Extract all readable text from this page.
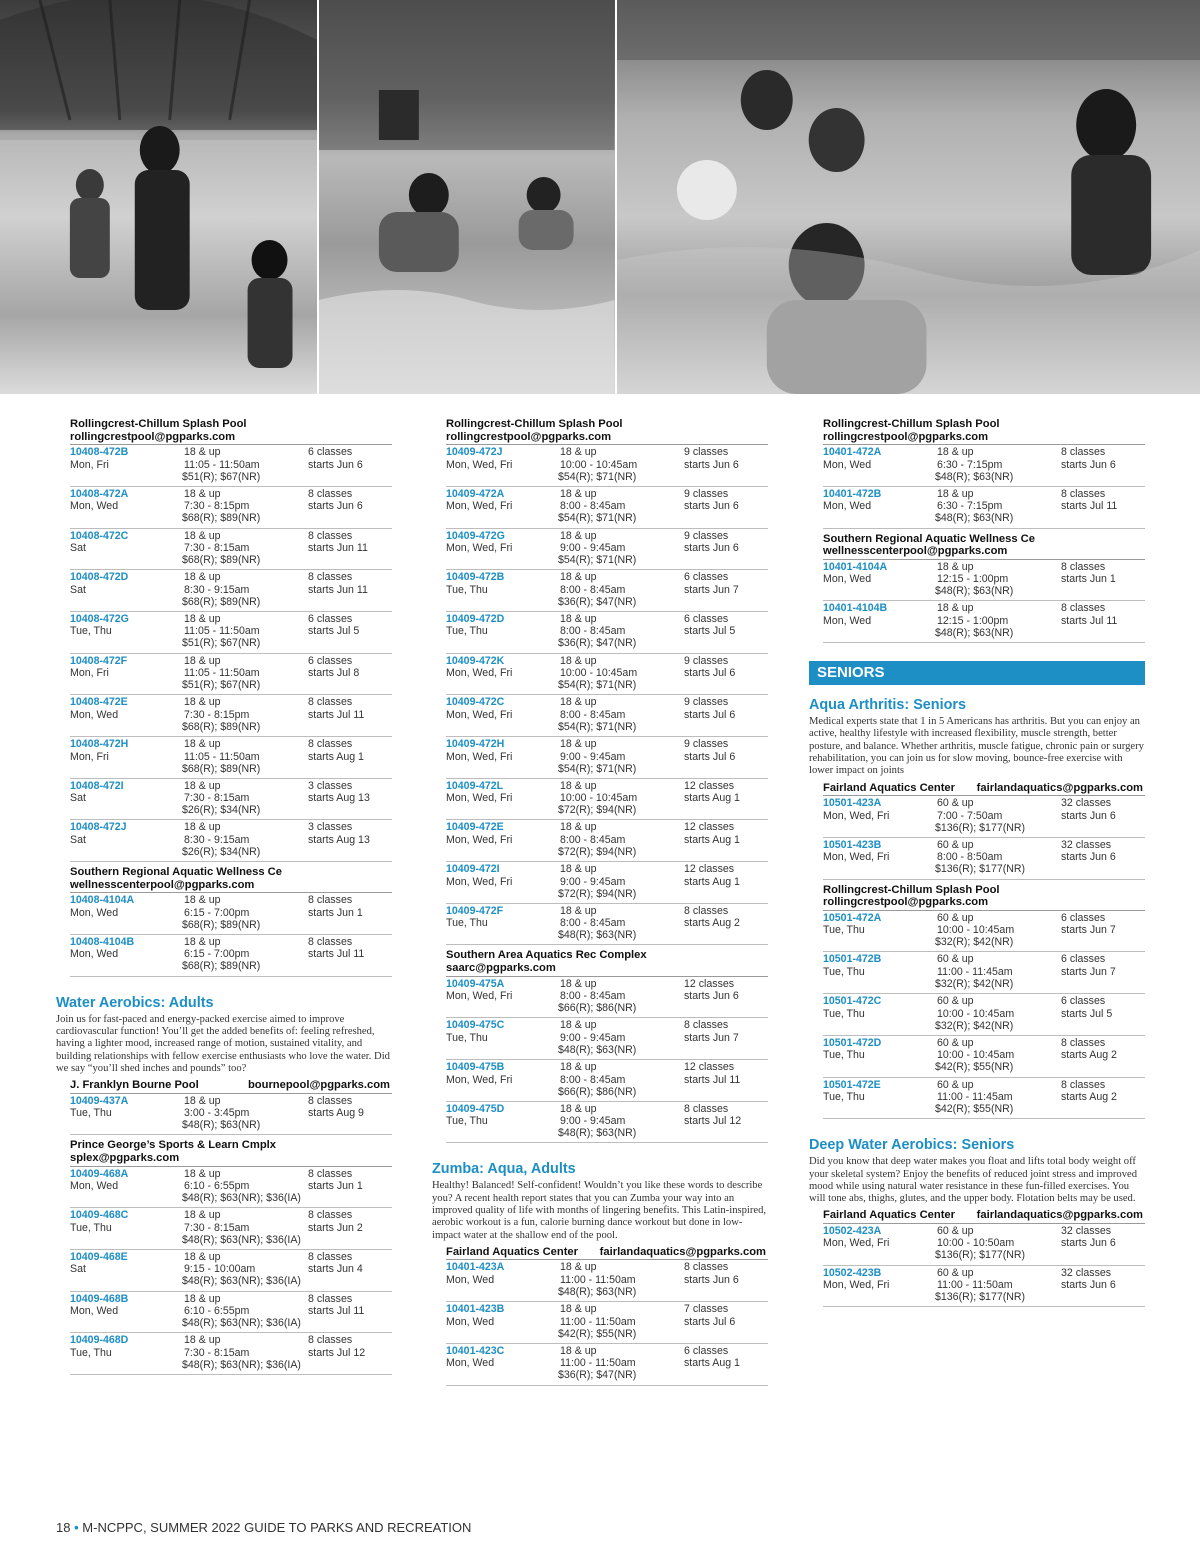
Rollingcrest-Chillum Splash Pool
rollingcrestpool@pgparks.com
10408-472B
Mon, Fri
18 & up
11:05 - 11:50am
$51(R); $67(NR)
6 classes
starts Jun 6
10408-472A
Mon, Wed
18 & up
7:30 - 8:15pm
$68(R); $89(NR)
8 classes
starts Jun 6
10408-472C
Sat
18 & up
7:30 - 8:15am
$68(R); $89(NR)
8 classes
starts Jun 11
10408-472D
Sat
18 & up
8:30 - 9:15am
$68(R); $89(NR)
8 classes
starts Jun 11
10408-472G
Tue, Thu
18 & up
11:05 - 11:50am
$51(R); $67(NR)
6 classes
starts Jul 5
10408-472F
Mon, Fri
18 & up
11:05 - 11:50am
$51(R); $67(NR)
6 classes
starts Jul 8
10408-472E
Mon, Wed
18 & up
7:30 - 8:15pm
$68(R); $89(NR)
8 classes
starts Jul 11
10408-472H
Mon, Fri
18 & up
11:05 - 11:50am
$68(R); $89(NR)
8 classes
starts Aug 1
10408-472I
Sat
18 & up
7:30 - 8:15am
$26(R); $34(NR)
3 classes
starts Aug 13
10408-472J
Sat
18 & up
8:30 - 9:15am
$26(R); $34(NR)
3 classes
starts Aug 13
Southern Regional Aquatic Wellness Ce
wellnesscenterpool@pgparks.com
10408-4104A
Mon, Wed
18 & up
6:15 - 7:00pm
$68(R); $89(NR)
8 classes
starts Jun 1
10408-4104B
Mon, Wed
18 & up
6:15 - 7:00pm
$68(R); $89(NR)
8 classes
starts Jul 11
Water Aerobics: Adults
Join us for fast-paced and energy-packed exercise aimed to improve cardiovascular function! You’ll get the added benefits of: feeling refreshed, having a lighter mood, increased range of motion, sustained vitality, and building relationships with fellow exercise enthusiasts who love the water. Did we say “you’ll shed inches and pounds” too?
J. Franklyn Bourne Pool	bournepool@pgparks.com
10409-437A
Tue, Thu
18 & up
3:00 - 3:45pm
$48(R); $63(NR)
8 classes
starts Aug 9
Prince George’s Sports & Learn Cmplx
splex@pgparks.com
10409-468A
Mon, Wed
18 & up
6:10 - 6:55pm
$48(R); $63(NR); $36(IA)
8 classes
starts Jun 1
10409-468C
Tue, Thu
18 & up
7:30 - 8:15am
$48(R); $63(NR); $36(IA)
8 classes
starts Jun 2
10409-468E
Sat
18 & up
9:15 - 10:00am
$48(R); $63(NR); $36(IA)
8 classes
starts Jun 4
10409-468B
Mon, Wed
18 & up
6:10 - 6:55pm
$48(R); $63(NR); $36(IA)
8 classes
starts Jul 11
10409-468D
Tue, Thu
18 & up
7:30 - 8:15am
$48(R); $63(NR); $36(IA)
8 classes
starts Jul 12
Rollingcrest-Chillum Splash Pool
rollingcrestpool@pgparks.com
10409-472J
Mon, Wed, Fri
18 & up
10:00 - 10:45am
$54(R); $71(NR)
9 classes
starts Jun 6
10409-472A
Mon, Wed, Fri
18 & up
8:00 - 8:45am
$54(R); $71(NR)
9 classes
starts Jun 6
10409-472G
Mon, Wed, Fri
18 & up
9:00 - 9:45am
$54(R); $71(NR)
9 classes
starts Jun 6
10409-472B
Tue, Thu
18 & up
8:00 - 8:45am
$36(R); $47(NR)
6 classes
starts Jun 7
10409-472D
Tue, Thu
18 & up
8:00 - 8:45am
$36(R); $47(NR)
6 classes
starts Jul 5
10409-472K
Mon, Wed, Fri
18 & up
10:00 - 10:45am
$54(R); $71(NR)
9 classes
starts Jul 6
10409-472C
Mon, Wed, Fri
18 & up
8:00 - 8:45am
$54(R); $71(NR)
9 classes
starts Jul 6
10409-472H
Mon, Wed, Fri
18 & up
9:00 - 9:45am
$54(R); $71(NR)
9 classes
starts Jul 6
10409-472L
Mon, Wed, Fri
18 & up
10:00 - 10:45am
$72(R); $94(NR)
12 classes
starts Aug 1
10409-472E
Mon, Wed, Fri
18 & up
8:00 - 8:45am
$72(R); $94(NR)
12 classes
starts Aug 1
10409-472I
Mon, Wed, Fri
18 & up
9:00 - 9:45am
$72(R); $94(NR)
12 classes
starts Aug 1
10409-472F
Tue, Thu
18 & up
8:00 - 8:45am
$48(R); $63(NR)
8 classes
starts Aug 2
Southern Area Aquatics Rec Complex
saarc@pgparks.com
10409-475A
Mon, Wed, Fri
18 & up
8:00 - 8:45am
$66(R); $86(NR)
12 classes
starts Jun 6
10409-475C
Tue, Thu
18 & up
9:00 - 9:45am
$48(R); $63(NR)
8 classes
starts Jun 7
10409-475B
Mon, Wed, Fri
18 & up
8:00 - 8:45am
$66(R); $86(NR)
12 classes
starts Jul 11
10409-475D
Tue, Thu
18 & up
9:00 - 9:45am
$48(R); $63(NR)
8 classes
starts Jul 12
Zumba: Aqua, Adults
Healthy! Balanced! Self-confident! Wouldn’t you like these words to describe you? A recent health report states that you can Zumba your way into an improved quality of life with months of lingering benefits. This Latin-inspired, aerobic workout is a fun, calorie burning dance workout but done in low-impact water at the shallow end of the pool.
Fairland Aquatics Center fairlandaquatics@pgparks.com
10401-423A
Mon, Wed
18 & up
11:00 - 11:50am
$48(R); $63(NR)
8 classes
starts Jun 6
10401-423B
Mon, Wed
18 & up
11:00 - 11:50am
$42(R); $55(NR)
7 classes
starts Jul 6
10401-423C
Mon, Wed
18 & up
11:00 - 11:50am
$36(R); $47(NR)
6 classes
starts Aug 1
Rollingcrest-Chillum Splash Pool
rollingcrestpool@pgparks.com
10401-472A
Mon, Wed
18 & up
6:30 - 7:15pm
$48(R); $63(NR)
8 classes
starts Jun 6
10401-472B
Mon, Wed
18 & up
6:30 - 7:15pm
$48(R); $63(NR)
8 classes
starts Jul 11
Southern Regional Aquatic Wellness Ce
wellnesscenterpool@pgparks.com
10401-4104A
Mon, Wed
18 & up
12:15 - 1:00pm
$48(R); $63(NR)
8 classes
starts Jun 1
10401-4104B
Mon, Wed
18 & up
12:15 - 1:00pm
$48(R); $63(NR)
8 classes
starts Jul 11
SENIORS
Aqua Arthritis: Seniors
Medical experts state that 1 in 5 Americans has arthritis. But you can enjoy an active, healthy lifestyle with increased flexibility, muscle strength, better posture, and balance. Whether arthritis, muscle fatigue, chronic pain or surgery rehabilitation, you can join us for slow moving, bounce-free exercise with lower impact on joints
Fairland Aquatics Center fairlandaquatics@pgparks.com
10501-423A
Mon, Wed, Fri
60 & up
7:00 - 7:50am
$136(R); $177(NR)
32 classes
starts Jun 6
10501-423B
Mon, Wed, Fri
60 & up
8:00 - 8:50am
$136(R); $177(NR)
32 classes
starts Jun 6
Rollingcrest-Chillum Splash Pool
rollingcrestpool@pgparks.com
10501-472A
Tue, Thu
60 & up
10:00 - 10:45am
$32(R); $42(NR)
6 classes
starts Jun 7
10501-472B
Tue, Thu
60 & up
11:00 - 11:45am
$32(R); $42(NR)
6 classes
starts Jun 7
10501-472C
Tue, Thu
60 & up
10:00 - 10:45am
$32(R); $42(NR)
6 classes
starts Jul 5
10501-472D
Tue, Thu
60 & up
10:00 - 10:45am
$42(R); $55(NR)
8 classes
starts Aug 2
10501-472E
Tue, Thu
60 & up
11:00 - 11:45am
$42(R); $55(NR)
8 classes
starts Aug 2
Deep Water Aerobics: Seniors
Did you know that deep water makes you float and lifts total body weight off your skeletal system? Enjoy the benefits of reduced joint stress and improved mood while using natural water resistance in these fun-filled exercises. You will tone abs, thighs, glutes, and the upper body. Flotation belts may be used.
Fairland Aquatics Center fairlandaquatics@pgparks.com
10502-423A
Mon, Wed, Fri
60 & up
10:00 - 10:50am
$136(R); $177(NR)
32 classes
starts Jun 6
10502-423B
Mon, Wed, Fri
60 & up
11:00 - 11:50am
$136(R); $177(NR)
32 classes
starts Jun 6
18 • M-NCPPC, SUMMER 2022 GUIDE TO PARKS AND RECREATION
